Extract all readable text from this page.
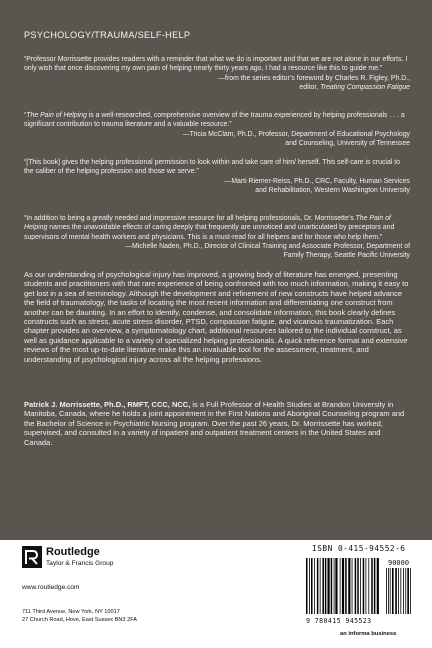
PSYCHOLOGY/TRAUMA/SELF-HELP

“Professor Morrissette provides readers with a reminder that what we do is important and that we are not alone in our efforts. I only wish that once discovering my own pain of helping nearly thirty years ago, I had a resource like this to guide me.”

—from the series editor’s foreword by Charles R. Figley, Ph.D.,

editor, Treating Compassion Fatigue

“The Pain of Helping is a well-researched, comprehensive overview of the trauma experienced by helping professionals . . . a significant contribution to trauma literature and a valuable resource.”

—Tricia McClam, Ph.D., Professor, Department of Educational Psychology

and Counseling, University of Tennessee

“[This book] gives the helping professional permission to look within and take care of him/ herself. This self-care is crucial to the caliber of the helping profession and those we serve.”

—Marti Riemer-Reiss, Ph.D., CRC, Faculty, Human Services

and Rehabilitation, Western Washington University

“In addition to being a greatly needed and impressive resource for all helping professionals, Dr. Morrissette’s The Pain of Helping names the unavoidable effects of caring deeply that frequently are unnoticed and unarticulated by preceptors and supervisors of mental health workers and physicians. This is a must-read for all helpers and for those who help them.”

—Michelle Naden, Ph.D., Director of Clinical Training and Associate Professor, Department of

Family Therapy, Seattle Pacific University

As our understanding of psychological injury has improved, a growing body of literature has emerged, presenting students and practitioners with that rare experience of being confronted with too much information, making it easy to get lost in a sea of terminology. Although the development and refinement of new constructs have helped advance the field of traumatology, the tasks of locating the most recent information and differentiating one construct from another can be daunting. In an effort to identify, condense, and consolidate information, this book clearly defines constructs such as stress, acute stress disorder, PTSD, compassion fatigue, and vicarious traumatization. Each chapter provides an overview, a symptomatology chart, additional resources tailored to the individual construct, as well as guidance applicable to a variety of specialized helping professionals. A quick reference format and extensive reviews of the most up-to-date literature make this an invaluable tool for the assessment, treatment, and understanding of psychological injury across all the helping professions.

Patrick J. Morrissette, Ph.D., RMFT, CCC, NCC, is a Full Professor of Health Studies at Brandon University in Manitoba, Canada, where he holds a joint appointment in the First Nations and Aboriginal Counseling program and the Bachelor of Science in Psychiatric Nursing program. Over the past 26 years, Dr. Morrissette has worked, supervised, and consulted in a variety of inpatient and outpatient treatment centers in the United States and Canada.

Routledge
Taylor & Francis Group
www.routledge.com
711 Third Avenue, New York, NY 10017
27 Church Road, Hove, East Sussex BN3 2FA
ISBN 0-415-94552-6
90000
9 780415 945523
an informa business
